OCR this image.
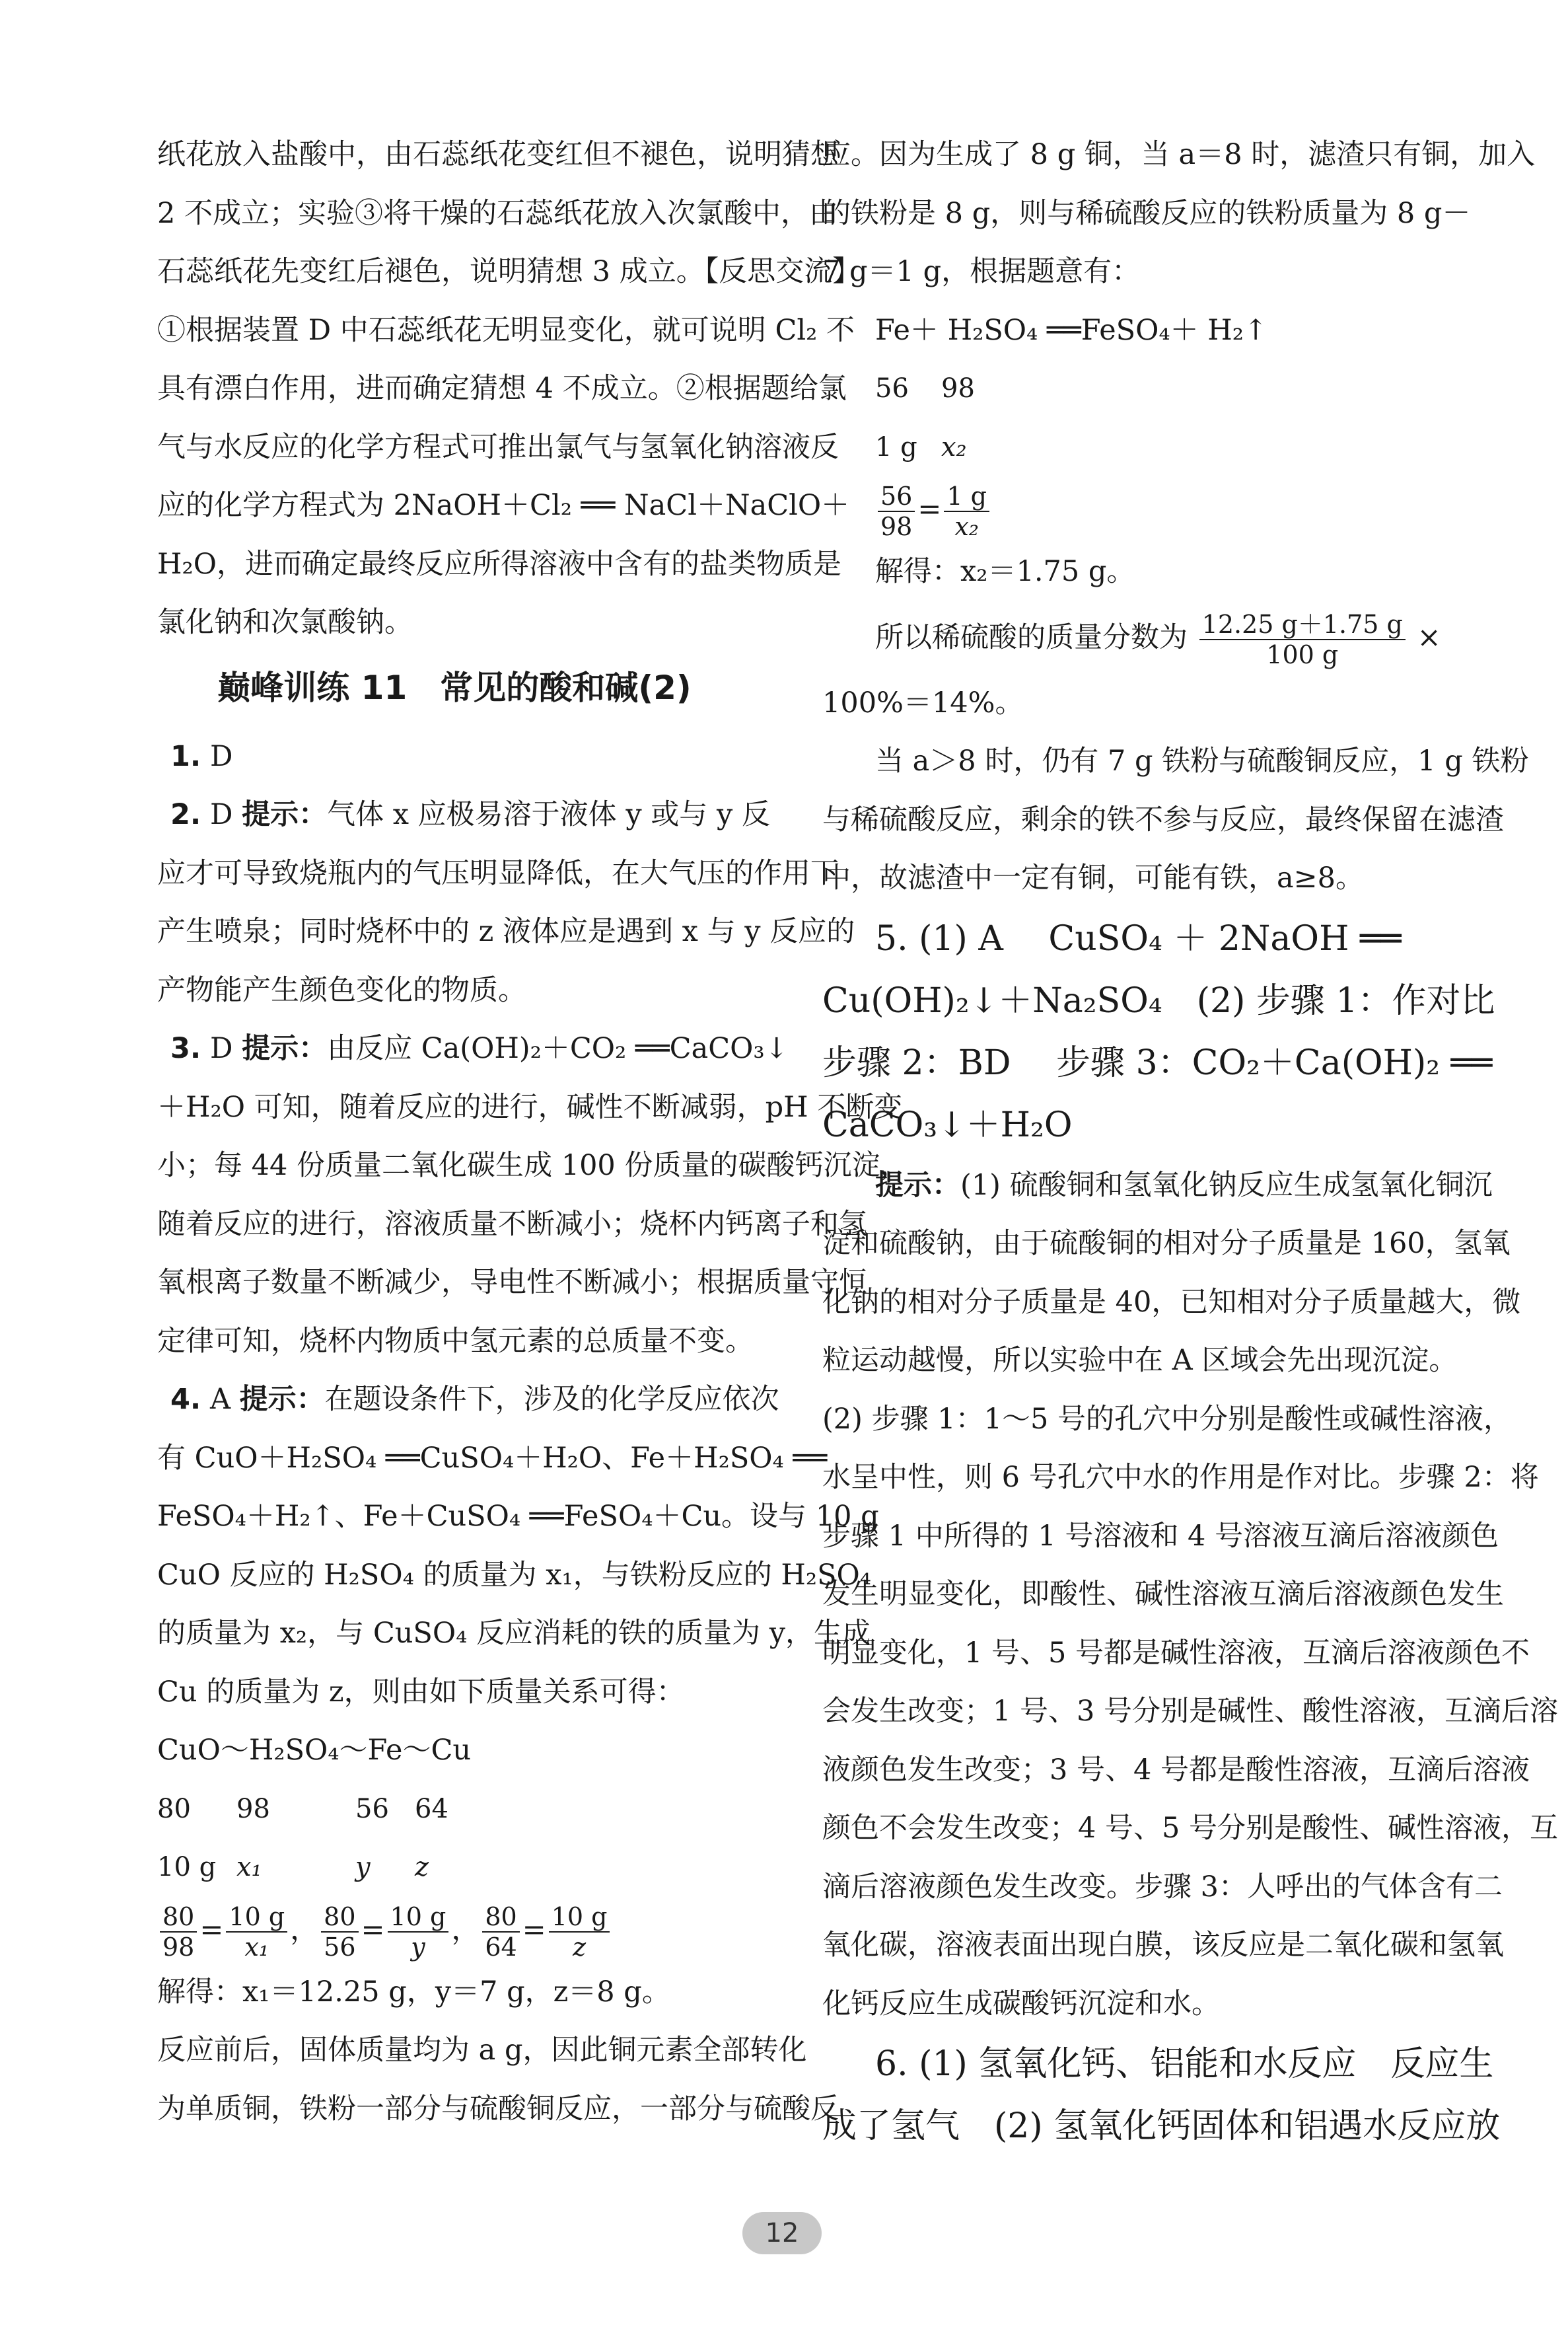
纸花放入盐酸中，由石蕊纸花变红但不褪色，说明猜想
2 不成立；实验③将干燥的石蕊纸花放入次氯酸中，由
石蕊纸花先变红后褪色，说明猜想 3 成立。【反思交流】
①根据装置 D 中石蕊纸花无明显变化，就可说明 Cl₂ 不
具有漂白作用，进而确定猜想 4 不成立。②根据题给氯
气与水反应的化学方程式可推出氯气与氢氧化钠溶液反
应的化学方程式为 2NaOH＋Cl₂ ══ NaCl＋NaClO＋
H₂O，进而确定最终反应所得溶液中含有的盐类物质是
氯化钠和次氯酸钠。
巅峰训练 11　常见的酸和碱(2)
1. D
2. D 提示：气体 x 应极易溶于液体 y 或与 y 反
应才可导致烧瓶内的气压明显降低，在大气压的作用下
产生喷泉；同时烧杯中的 z 液体应是遇到 x 与 y 反应的
产物能产生颜色变化的物质。
3. D 提示：由反应 Ca(OH)₂＋CO₂ ══CaCO₃↓
＋H₂O 可知，随着反应的进行，碱性不断减弱，pH 不断变
小；每 44 份质量二氧化碳生成 100 份质量的碳酸钙沉淀，
随着反应的进行，溶液质量不断减小；烧杯内钙离子和氢
氧根离子数量不断减少，导电性不断减小；根据质量守恒
定律可知，烧杯内物质中氢元素的总质量不变。
4. A 提示：在题设条件下，涉及的化学反应依次
有 CuO＋H₂SO₄ ══CuSO₄＋H₂O、Fe＋H₂SO₄ ══
FeSO₄＋H₂↑、Fe＋CuSO₄ ══FeSO₄＋Cu。设与 10 g
CuO 反应的 H₂SO₄ 的质量为 x₁，与铁粉反应的 H₂SO₄
的质量为 x₂，与 CuSO₄ 反应消耗的铁的质量为 y，生成
Cu 的质量为 z，则由如下质量关系可得：
CuO～H₂SO₄～Fe～Cu
80 98	56 64
10 g x₁	y z
$\frac{80}{98} = \frac{10 g}{\text{x₁}}$ ， $\frac{80}{56} = \frac{10 g}{y}$ ， $\frac{80}{64} = \frac{10 g}{z}$
解得：x₁＝12.25 g，y＝7 g，z＝8 g。
反应前后，固体质量均为 a g，因此铜元素全部转化
为单质铜，铁粉一部分与硫酸铜反应，一部分与硫酸反
应。因为生成了 8 g 铜，当 a＝8 时，滤渣只有铜，加入
的铁粉是 8 g，则与稀硫酸反应的铁粉质量为 8 g－
7 g＝1 g，根据题意有：
Fe＋ H₂SO₄ ══FeSO₄＋ H₂↑
56 98
1 g x₂
$\frac{56}{98} = \frac{1 g}{\text{x₂}}$
解得：x₂＝1.75 g。
所以稀硫酸的质量分数为 $\frac{12.25 g+1.75 g}{100 g}$ ×
100%＝14%。
当 a＞8 时，仍有 7 g 铁粉与硫酸铜反应，1 g 铁粉
与稀硫酸反应，剩余的铁不参与反应，最终保留在滤渣
中，故滤渣中一定有铜，可能有铁，a≥8。
5. (1) A　 CuSO₄ ＋ 2NaOH ══
Cu(OH)₂↓＋Na₂SO₄　(2) 步骤 1：作对比
步骤 2：BD　 步骤 3：CO₂＋Ca(OH)₂ ══
CaCO₃↓＋H₂O
提示：(1) 硫酸铜和氢氧化钠反应生成氢氧化铜沉
淀和硫酸钠，由于硫酸铜的相对分子质量是 160，氢氧
化钠的相对分子质量是 40，已知相对分子质量越大，微
粒运动越慢，所以实验中在 A 区域会先出现沉淀。
(2) 步骤 1：1～5 号的孔穴中分别是酸性或碱性溶液，
水呈中性，则 6 号孔穴中水的作用是作对比。步骤 2：将
步骤 1 中所得的 1 号溶液和 4 号溶液互滴后溶液颜色
发生明显变化，即酸性、碱性溶液互滴后溶液颜色发生
明显变化，1 号、5 号都是碱性溶液，互滴后溶液颜色不
会发生改变；1 号、3 号分别是碱性、酸性溶液，互滴后溶
液颜色发生改变；3 号、4 号都是酸性溶液，互滴后溶液
颜色不会发生改变；4 号、5 号分别是酸性、碱性溶液，互
滴后溶液颜色发生改变。步骤 3：人呼出的气体含有二
氧化碳，溶液表面出现白膜，该反应是二氧化碳和氢氧
化钙反应生成碳酸钙沉淀和水。
6. (1) 氢氧化钙、铝能和水反应　反应生
成了氢气　(2) 氢氧化钙固体和铝遇水反应放
12
